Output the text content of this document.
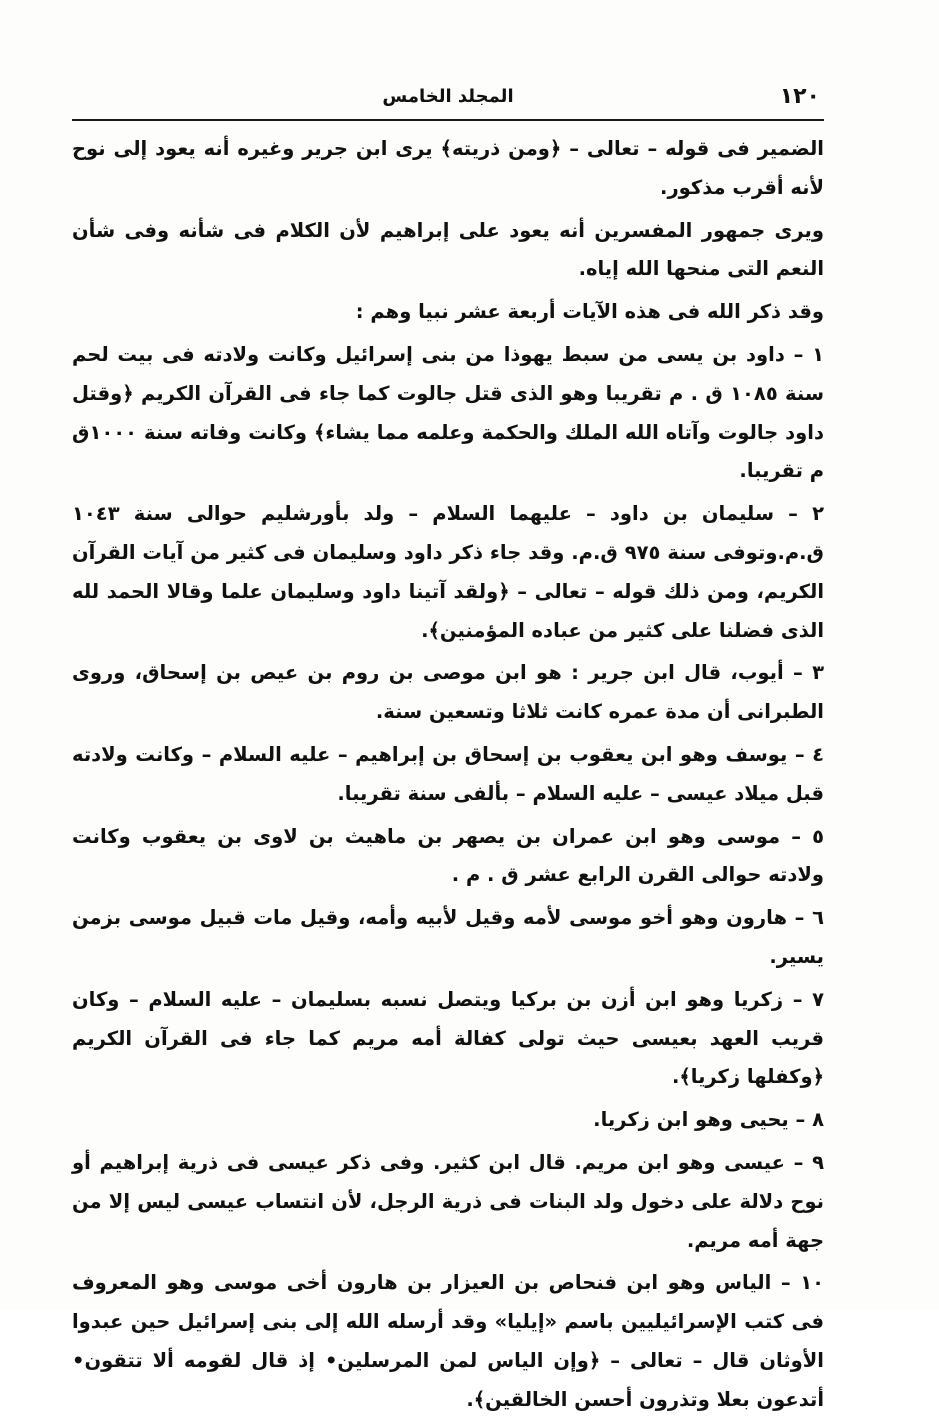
١٢٠
المجلد الخامس

الضمير فى قوله – تعالى – ﴿ومن ذريته﴾ يرى ابن جرير وغيره أنه يعود إلى نوح لأنه أقرب مذكور.

ويرى جمهور المفسرين أنه يعود على إبراهيم لأن الكلام فى شأنه وفى شأن النعم التى منحها الله إياه.

وقد ذكر الله فى هذه الآيات أربعة عشر نبيا وهم :

١ – داود بن يسى من سبط يهوذا من بنى إسرائيل وكانت ولادته فى بيت لحم سنة ١٠٨٥ ق . م تقريبا وهو الذى قتل جالوت كما جاء فى القرآن الكريم ﴿وقتل داود جالوت وآتاه الله الملك والحكمة وعلمه مما يشاء﴾ وكانت وفاته سنة ١٠٠٠ق م تقريبا.

٢ – سليمان بن داود – عليهما السلام – ولد بأورشليم حوالى سنة ١٠٤٣ ق.م.وتوفى سنة ٩٧٥ ق.م. وقد جاء ذكر داود وسليمان فى كثير من آيات القرآن الكريم، ومن ذلك قوله – تعالى – ﴿ولقد آتينا داود وسليمان علما وقالا الحمد لله الذى فضلنا على كثير من عباده المؤمنين﴾.

٣ – أيوب، قال ابن جرير : هو ابن موصى بن روم بن عيص بن إسحاق، وروى الطبرانى أن مدة عمره كانت ثلاثا وتسعين سنة.

٤ – يوسف وهو ابن يعقوب بن إسحاق بن إبراهيم – عليه السلام – وكانت ولادته قبل ميلاد عيسى – عليه السلام – بألفى سنة تقريبا.

٥ – موسى وهو ابن عمران بن يصهر بن ماهيث بن لاوى بن يعقوب وكانت ولادته حوالى القرن الرابع عشر ق . م .

٦ – هارون وهو أخو موسى لأمه وقيل لأبيه وأمه، وقيل مات قبيل موسى بزمن يسير.

٧ – زكريا وهو ابن أزن بن بركيا ويتصل نسبه بسليمان – عليه السلام – وكان قريب العهد بعيسى حيث تولى كفالة أمه مريم كما جاء فى القرآن الكريم ﴿وكفلها زكريا﴾.

٨ – يحيى وهو ابن زكريا.

٩ – عيسى وهو ابن مريم. قال ابن كثير. وفى ذكر عيسى فى ذرية إبراهيم أو نوح دلالة على دخول ولد البنات فى ذرية الرجل، لأن انتساب عيسى ليس إلا من جهة أمه مريم.

١٠ – الياس وهو ابن فنحاص بن العيزار بن هارون أخى موسى وهو المعروف فى كتب الإسرائيليين باسم «إيليا» وقد أرسله الله إلى بنى إسرائيل حين عبدوا الأوثان قال – تعالى – ﴿وإن الياس لمن المرسلين• إذ قال لقومه ألا تتقون• أتدعون بعلا وتذرون أحسن الخالقين﴾.
